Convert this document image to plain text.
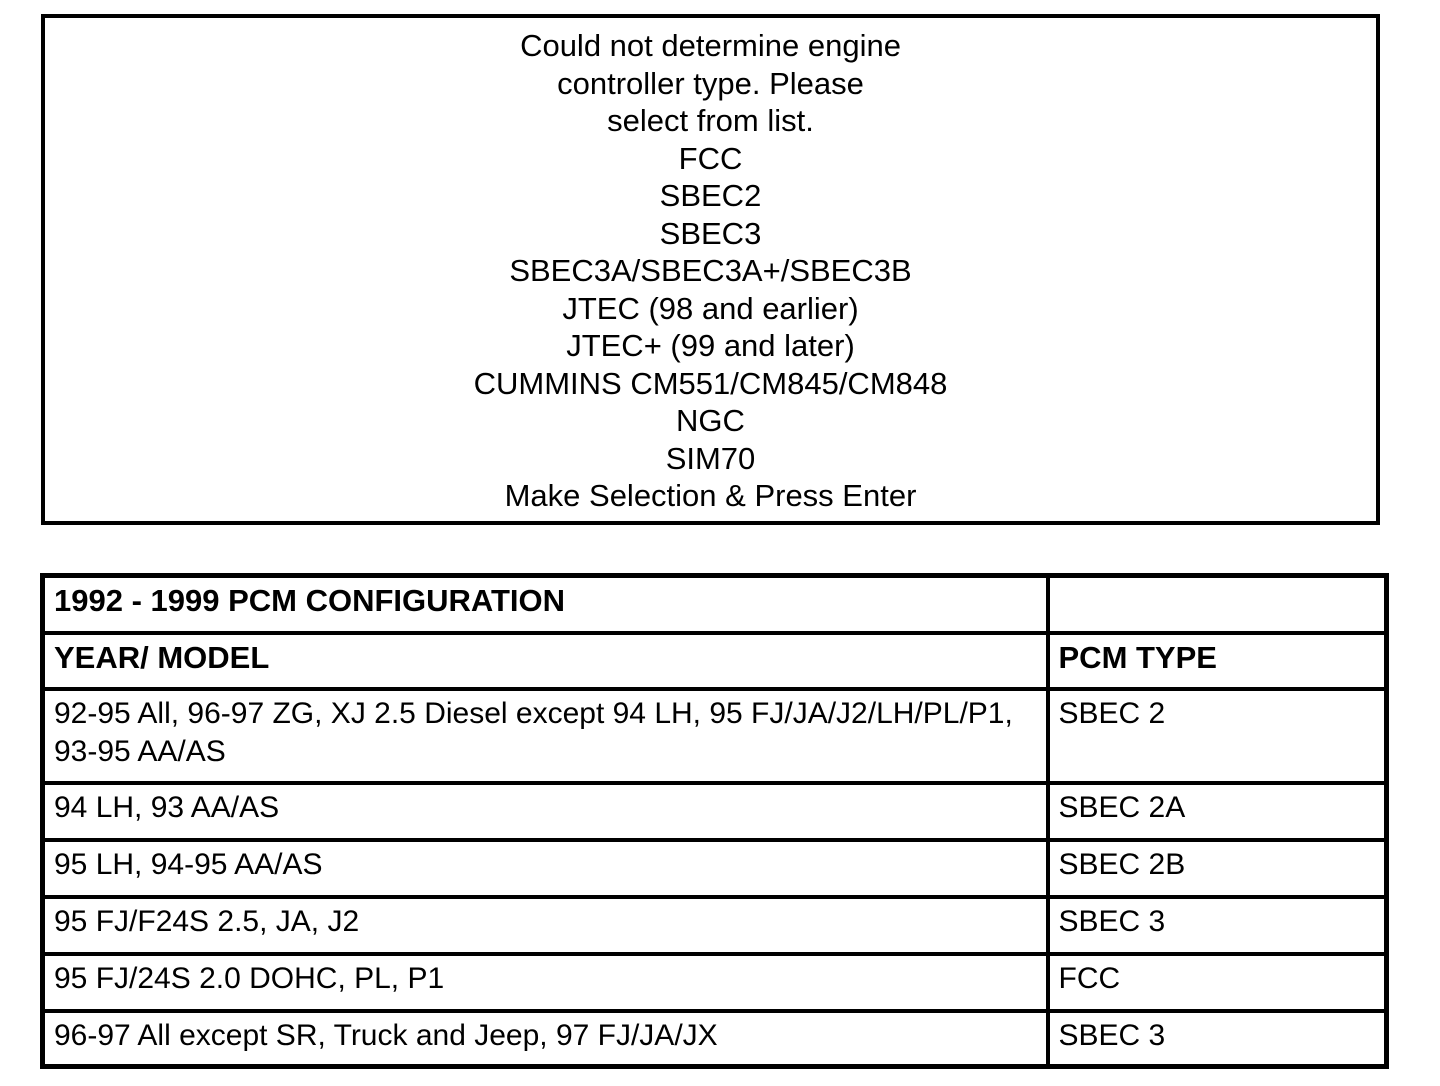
Could not determine engine
controller type. Please
select from list.
FCC
SBEC2
SBEC3
SBEC3A/SBEC3A+/SBEC3B
JTEC (98 and earlier)
JTEC+ (99 and later)
CUMMINS CM551/CM845/CM848
NGC
SIM70
Make Selection & Press Enter
1992 - 1999 PCM CONFIGURATION	
YEAR/ MODEL	PCM TYPE
92-95 All, 96-97 ZG, XJ 2.5 Diesel except 94 LH, 95 FJ/JA/J2/LH/PL/P1, 93-95 AA/AS	SBEC 2
94 LH, 93 AA/AS	SBEC 2A
95 LH, 94-95 AA/AS	SBEC 2B
95 FJ/F24S 2.5, JA, J2	SBEC 3
95 FJ/24S 2.0 DOHC, PL, P1	FCC
96-97 All except SR, Truck and Jeep, 97 FJ/JA/JX	SBEC 3
